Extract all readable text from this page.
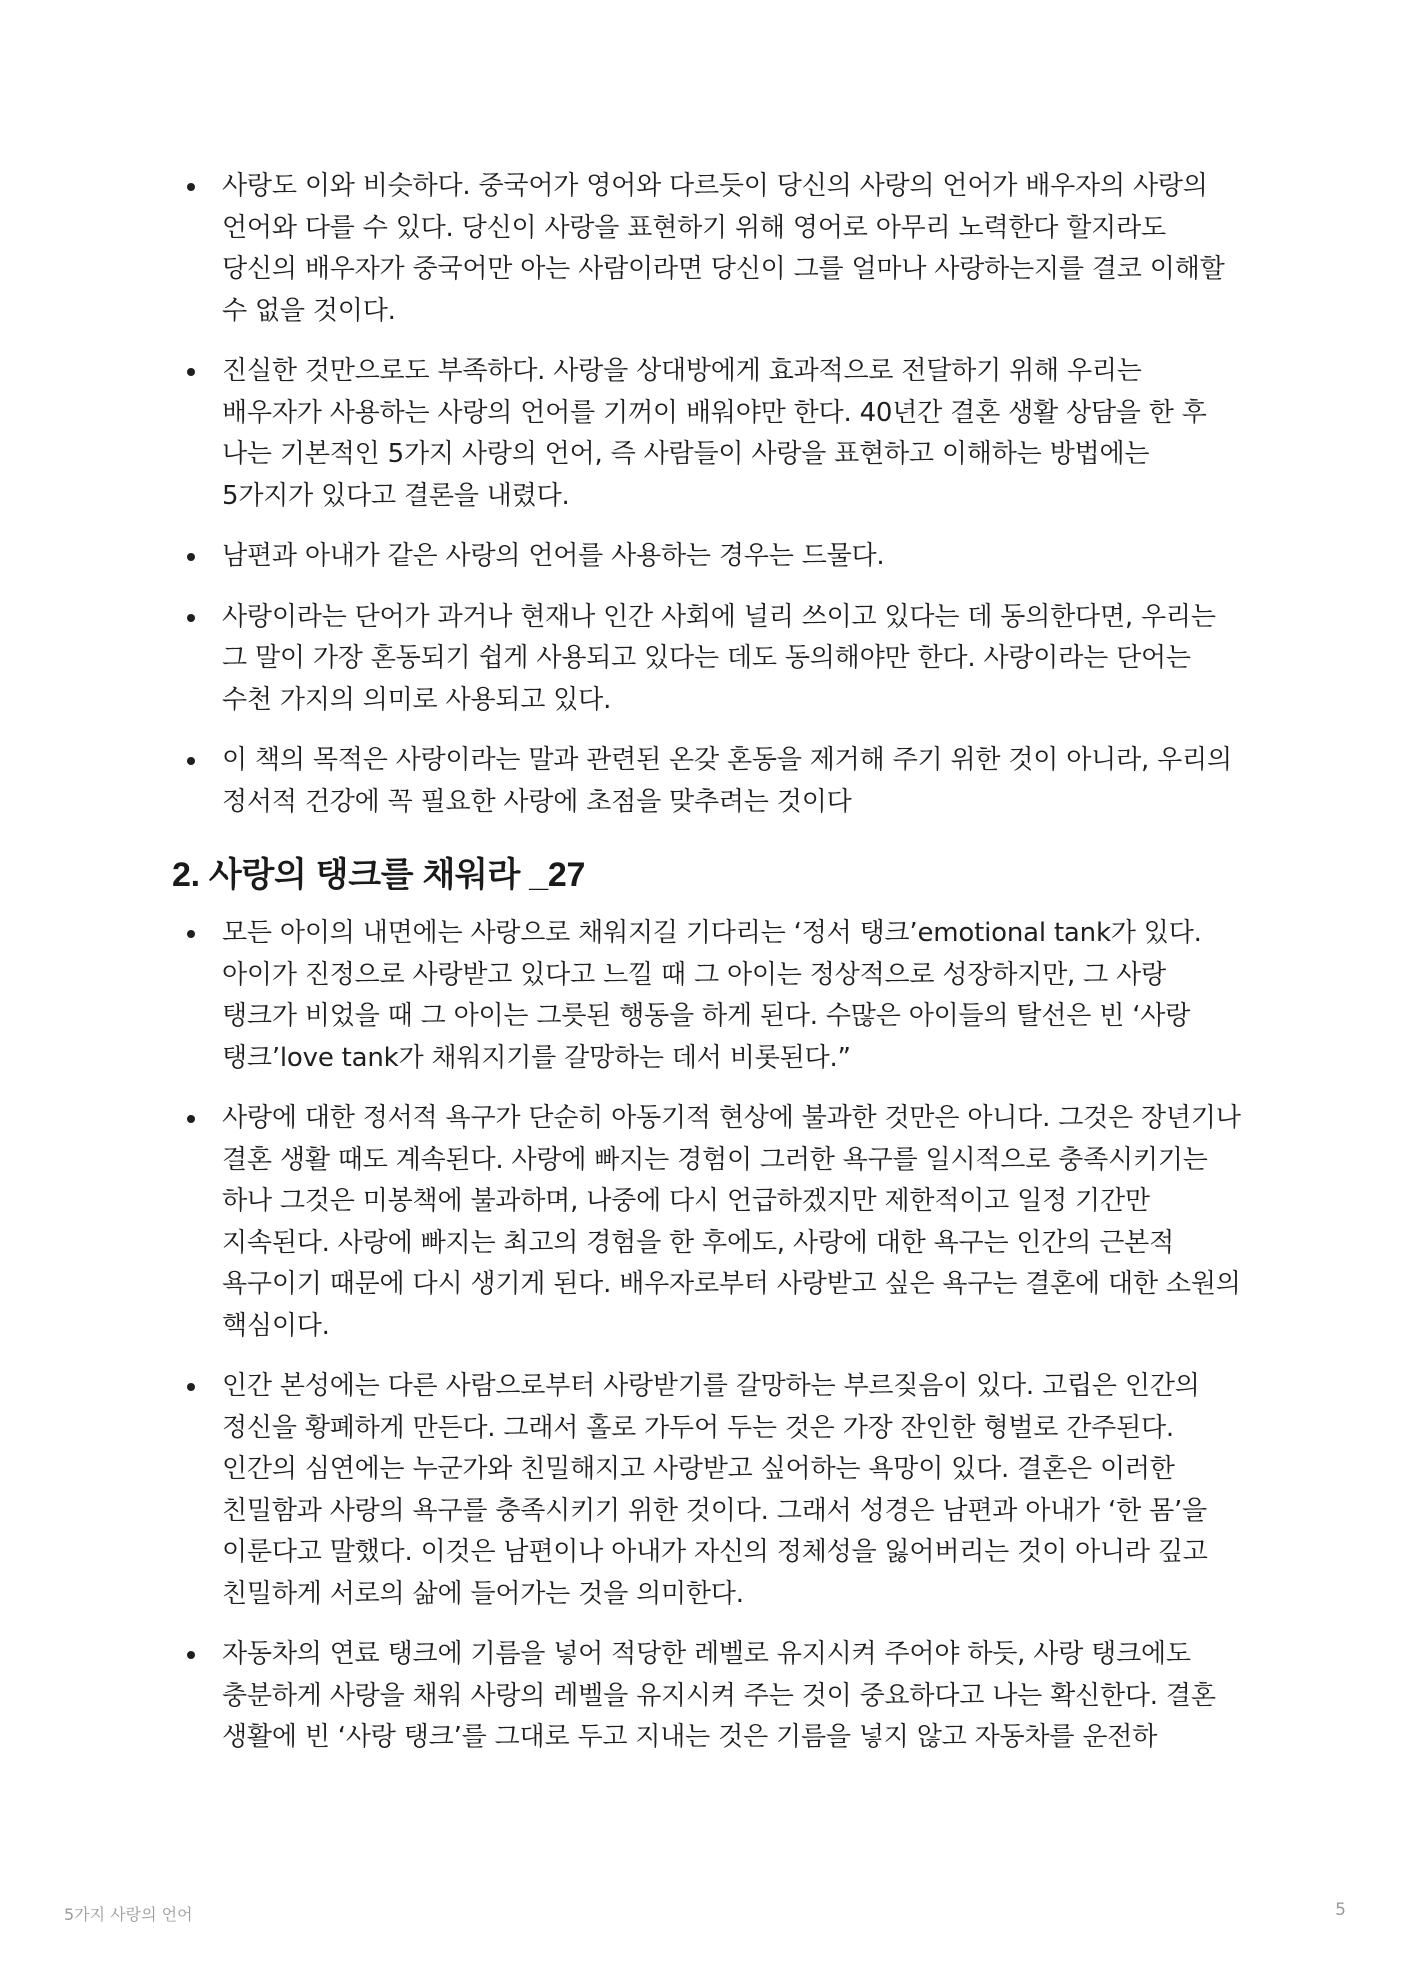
사랑도 이와 비슷하다. 중국어가 영어와 다르듯이 당신의 사랑의 언어가 배우자의 사랑의 언어와 다를 수 있다. 당신이 사랑을 표현하기 위해 영어로 아무리 노력한다 할지라도 당신의 배우자가 중국어만 아는 사람이라면 당신이 그를 얼마나 사랑하는지를 결코 이해할 수 없을 것이다.
진실한 것만으로도 부족하다. 사랑을 상대방에게 효과적으로 전달하기 위해 우리는 배우자가 사용하는 사랑의 언어를 기꺼이 배워야만 한다. 40년간 결혼 생활 상담을 한 후 나는 기본적인 5가지 사랑의 언어, 즉 사람들이 사랑을 표현하고 이해하는 방법에는 5가지가 있다고 결론을 내렸다.
남편과 아내가 같은 사랑의 언어를 사용하는 경우는 드물다.
사랑이라는 단어가 과거나 현재나 인간 사회에 널리 쓰이고 있다는 데 동의한다면, 우리는 그 말이 가장 혼동되기 쉽게 사용되고 있다는 데도 동의해야만 한다. 사랑이라는 단어는 수천 가지의 의미로 사용되고 있다.
이 책의 목적은 사랑이라는 말과 관련된 온갖 혼동을 제거해 주기 위한 것이 아니라, 우리의 정서적 건강에 꼭 필요한 사랑에 초점을 맞추려는 것이다
2. 사랑의 탱크를 채워라 _27
모든 아이의 내면에는 사랑으로 채워지길 기다리는 ‘정서 탱크’emotional tank가 있다. 아이가 진정으로 사랑받고 있다고 느낄 때 그 아이는 정상적으로 성장하지만, 그 사랑 탱크가 비었을 때 그 아이는 그릇된 행동을 하게 된다. 수많은 아이들의 탈선은 빈 ‘사랑 탱크’love tank가 채워지기를 갈망하는 데서 비롯된다.”
사랑에 대한 정서적 욕구가 단순히 아동기적 현상에 불과한 것만은 아니다. 그것은 장년기나 결혼 생활 때도 계속된다. 사랑에 빠지는 경험이 그러한 욕구를 일시적으로 충족시키기는 하나 그것은 미봉책에 불과하며, 나중에 다시 언급하겠지만 제한적이고 일정 기간만 지속된다. 사랑에 빠지는 최고의 경험을 한 후에도, 사랑에 대한 욕구는 인간의 근본적 욕구이기 때문에 다시 생기게 된다. 배우자로부터 사랑받고 싶은 욕구는 결혼에 대한 소원의 핵심이다.
인간 본성에는 다른 사람으로부터 사랑받기를 갈망하는 부르짖음이 있다. 고립은 인간의 정신을 황폐하게 만든다. 그래서 홀로 가두어 두는 것은 가장 잔인한 형벌로 간주된다. 인간의 심연에는 누군가와 친밀해지고 사랑받고 싶어하는 욕망이 있다. 결혼은 이러한 친밀함과 사랑의 욕구를 충족시키기 위한 것이다. 그래서 성경은 남편과 아내가 ‘한 몸’을 이룬다고 말했다. 이것은 남편이나 아내가 자신의 정체성을 잃어버리는 것이 아니라 깊고 친밀하게 서로의 삶에 들어가는 것을 의미한다.
자동차의 연료 탱크에 기름을 넣어 적당한 레벨로 유지시켜 주어야 하듯, 사랑 탱크에도 충분하게 사랑을 채워 사랑의 레벨을 유지시켜 주는 것이 중요하다고 나는 확신한다. 결혼 생활에 빈 ‘사랑 탱크’를 그대로 두고 지내는 것은 기름을 넣지 않고 자동차를 운전하
5가지 사랑의 언어	5
